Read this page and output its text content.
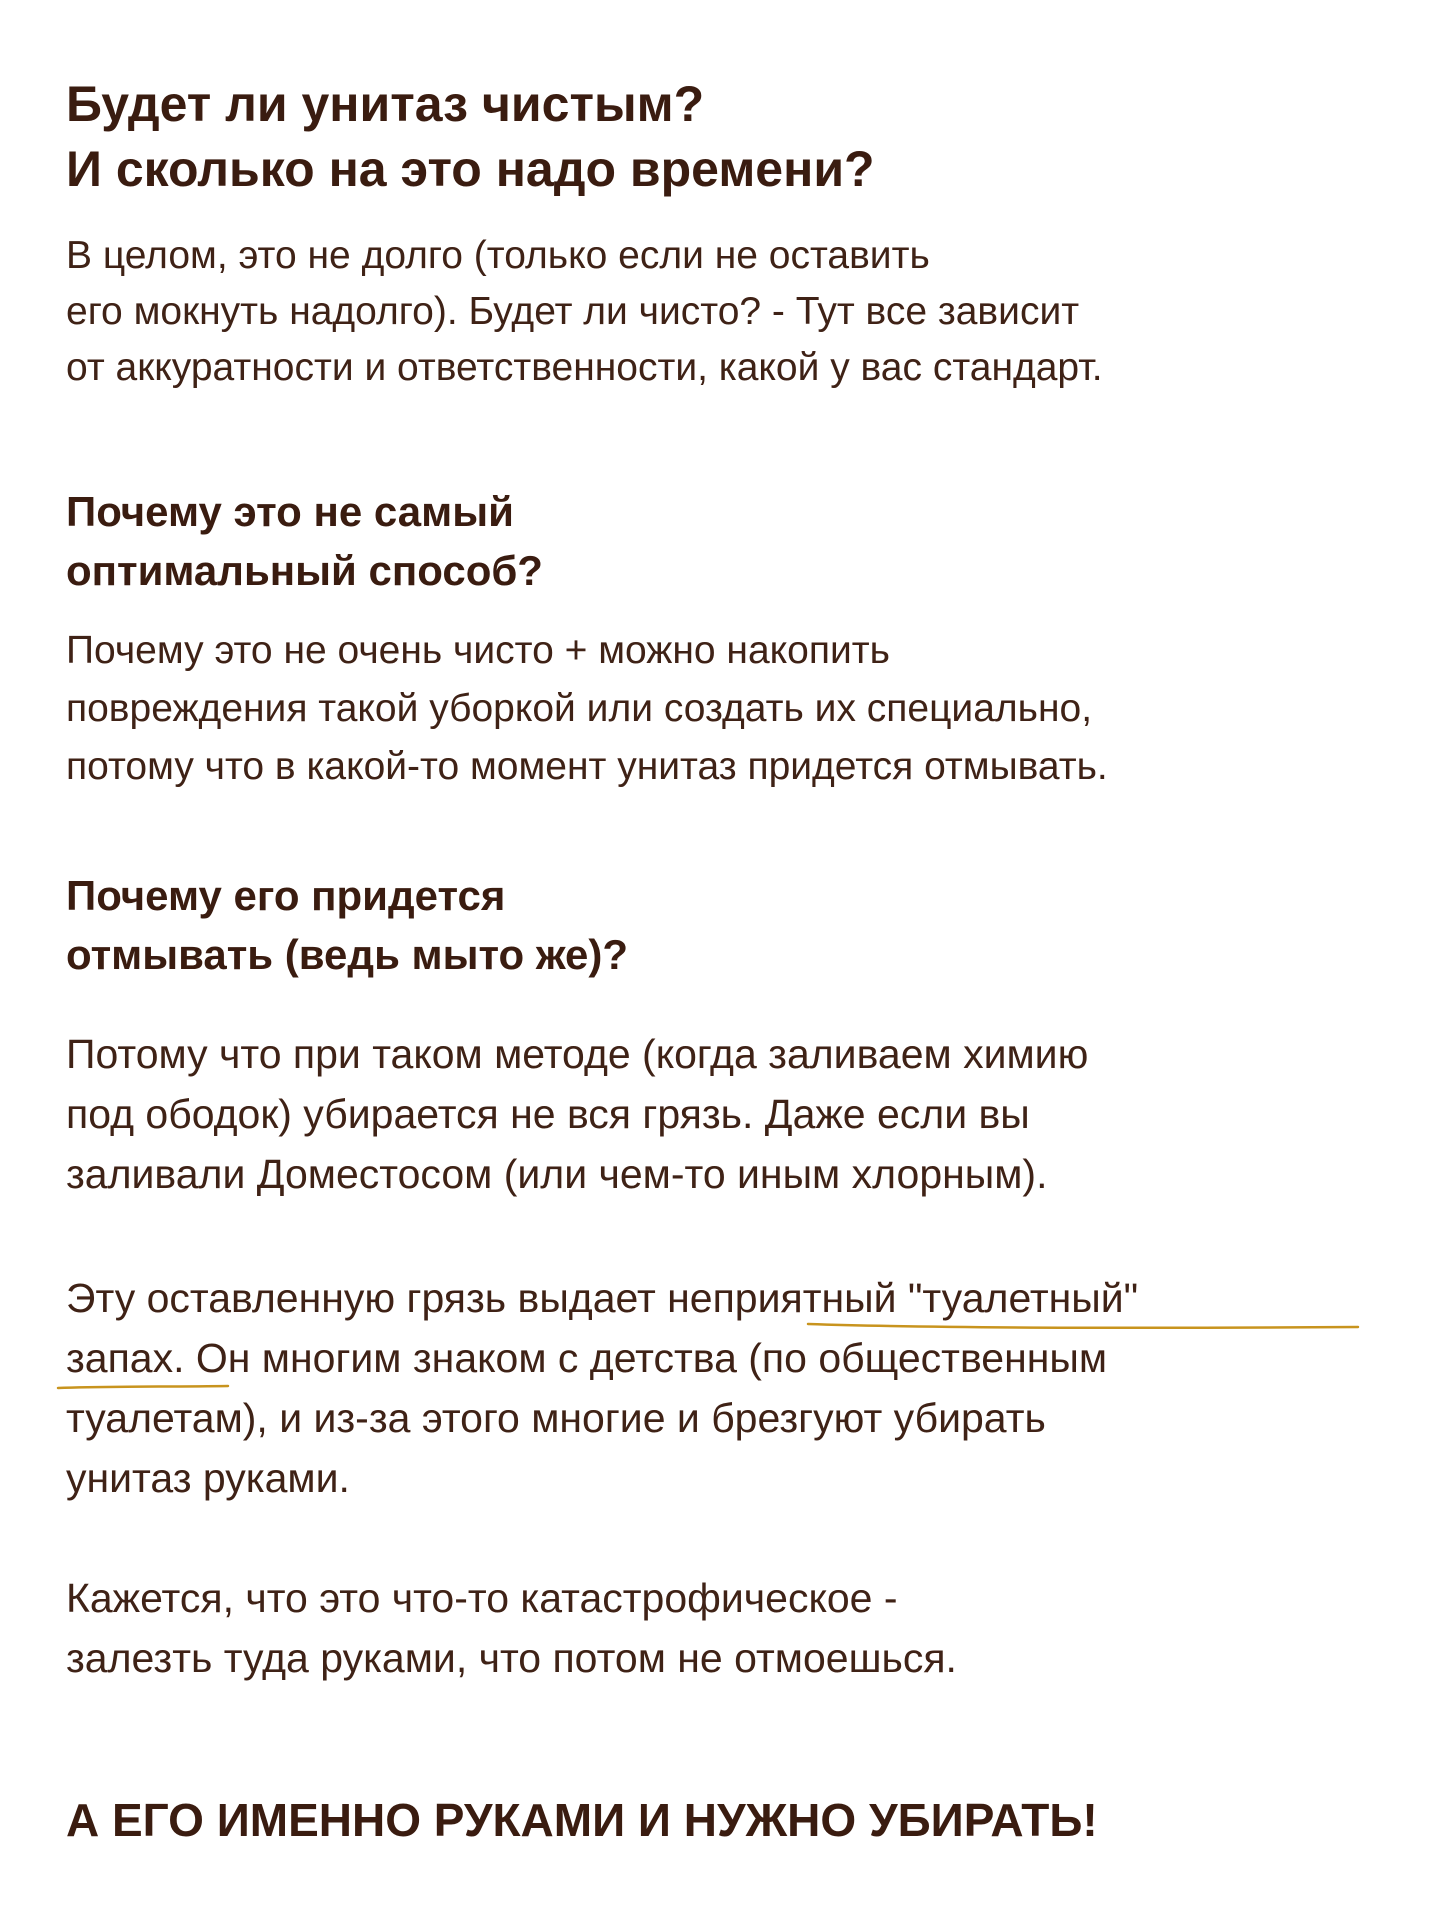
Будет ли унитаз чистым?
И сколько на это надо времени?

В целом, это не долго (только если не оставить
его мокнуть надолго). Будет ли чисто? - Тут все зависит
от аккуратности и ответственности, какой у вас стандарт.

Почему это не самый
оптимальный способ?

Почему это не очень чисто + можно накопить
повреждения такой уборкой или создать их специально,
потому что в какой-то момент унитаз придется отмывать.

Почему его придется
отмывать (ведь мыто же)?

Потому что при таком методе (когда заливаем химию
под ободок) убирается не вся грязь. Даже если вы
заливали Доместосом (или чем-то иным хлорным).

Эту оставленную грязь выдает неприятный "туалетный"
запах. Он многим знаком с детства (по общественным
туалетам), и из-за этого многие и брезгуют убирать
унитаз руками.

Кажется, что это что-то катастрофическое -
залезть туда руками, что потом не отмоешься.

А ЕГО ИМЕННО РУКАМИ И НУЖНО УБИРАТЬ!
